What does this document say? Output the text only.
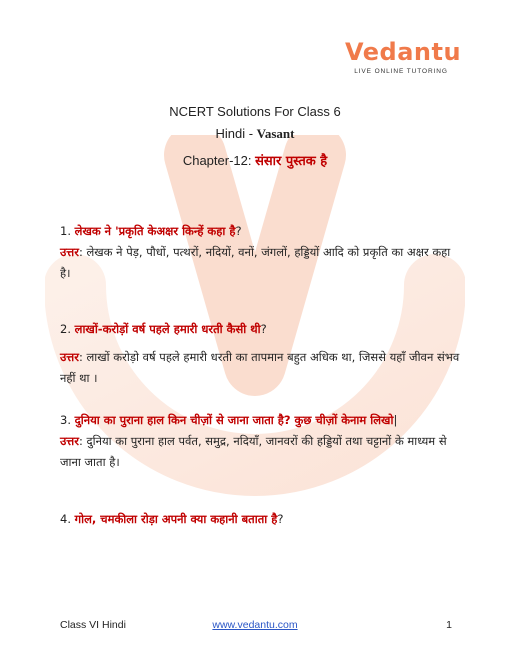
Vedantu
LIVE ONLINE TUTORING
NCERT Solutions For Class 6
Hindi - Vasant
Chapter-12: संसार पुस्तक है
1. लेखक ने 'प्रकृति केअक्षर किन्हें कहा है?
उत्तर: लेखक ने पेड़, पौधों, पत्थरों, नदियों, वनों, जंगलों, हड्डियों आदि को प्रकृति का अक्षर कहा है।
2. लाखों-करोड़ों वर्ष पहले हमारी धरती कैसी थी?
उत्तर: लाखों करोड़ो वर्ष पहले हमारी धरती का तापमान बहुत अधिक था, जिससे यहाँ जीवन संभव नहीं था ।
3. दुनिया का पुराना हाल किन चीज़ों से जाना जाता है? कुछ चीज़ों केनाम लिखो|
उत्तर: दुनिया का पुराना हाल पर्वत, समुद्र, नदियाँ, जानवरों की हड्डियों तथा चट्टानों के माध्यम से जाना जाता है।
4. गोल, चमकीला रोड़ा अपनी क्या कहानी बताता है?
Class VI Hindi	www.vedantu.com	1
